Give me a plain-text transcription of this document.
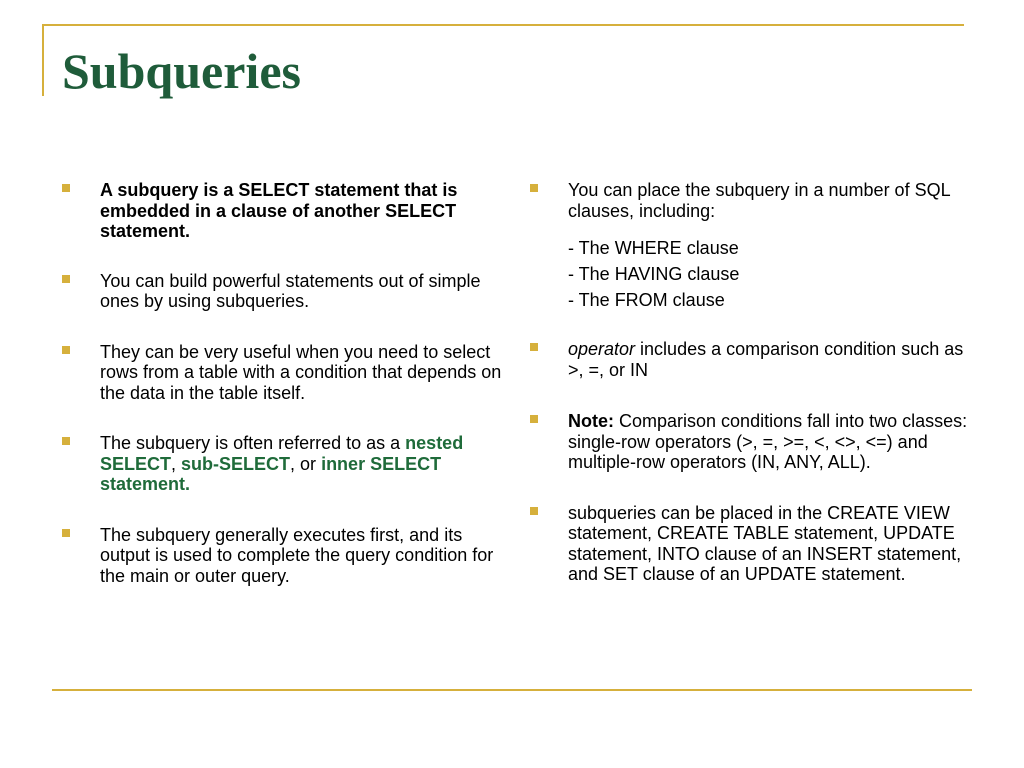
Subqueries
A subquery is a SELECT statement that is embedded in a clause of another SELECT statement.
You can build powerful statements out of simple ones by using subqueries.
They can be very useful when you need to select rows from a table with a condition that depends on the data in the table itself.
The subquery is often referred to as a nested SELECT, sub-SELECT, or inner SELECT statement.
The subquery generally executes first, and its output is used to complete the query condition for the main or outer query.
You can place the subquery in a number of SQL clauses, including:
- The WHERE clause
- The HAVING clause
- The FROM clause
operator includes a comparison condition such as >, =, or IN
Note: Comparison conditions fall into two classes: single-row operators (>, =, >=, <, <>, <=) and multiple-row operators (IN, ANY, ALL).
subqueries can be placed in the CREATE VIEW statement, CREATE TABLE statement, UPDATE statement, INTO clause of an INSERT statement, and SET clause of an UPDATE statement.
